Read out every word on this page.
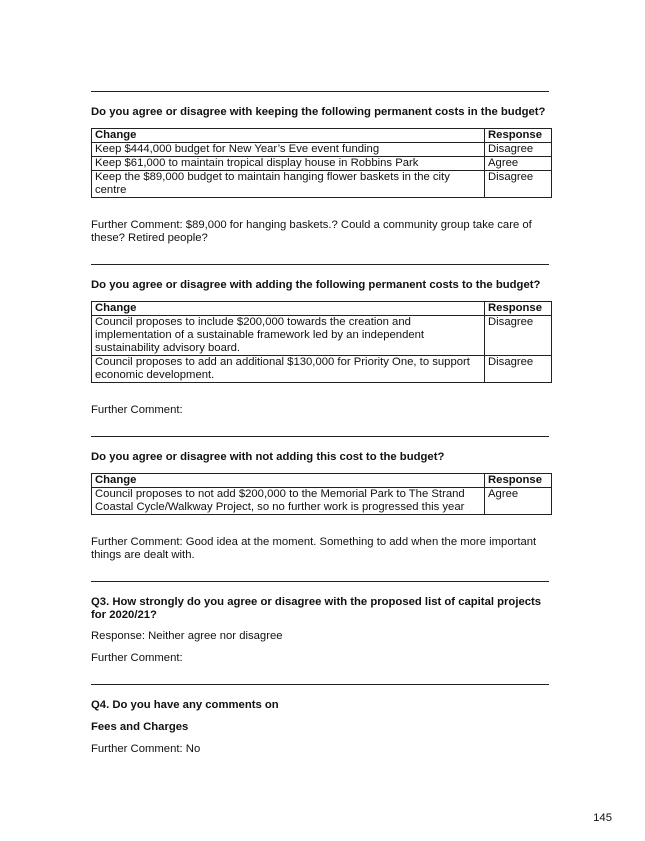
Do you agree or disagree with keeping the following permanent costs in the budget?
Change	Response
Keep $444,000 budget for New Year’s Eve event funding	Disagree
Keep $61,000 to maintain tropical display house in Robbins Park	Agree
Keep the $89,000 budget to maintain hanging flower baskets in the city centre	Disagree

Further Comment: $89,000 for hanging baskets.? Could a community group take care of these? Retired people?

Do you agree or disagree with adding the following permanent costs to the budget?
Change	Response
Council proposes to include $200,000 towards the creation and implementation of a sustainable framework led by an independent sustainability advisory board.	Disagree
Council proposes to add an additional $130,000 for Priority One, to support economic development.	Disagree

Further Comment:

Do you agree or disagree with not adding this cost to the budget?
Change	Response
Council proposes to not add $200,000 to the Memorial Park to The Strand Coastal Cycle/Walkway Project, so no further work is progressed this year	Agree

Further Comment: Good idea at the moment. Something to add when the more important things are dealt with.

Q3. How strongly do you agree or disagree with the proposed list of capital projects for 2020/21?

Response: Neither agree nor disagree

Further Comment:

Q4. Do you have any comments on
Fees and Charges

Further Comment: No

145
